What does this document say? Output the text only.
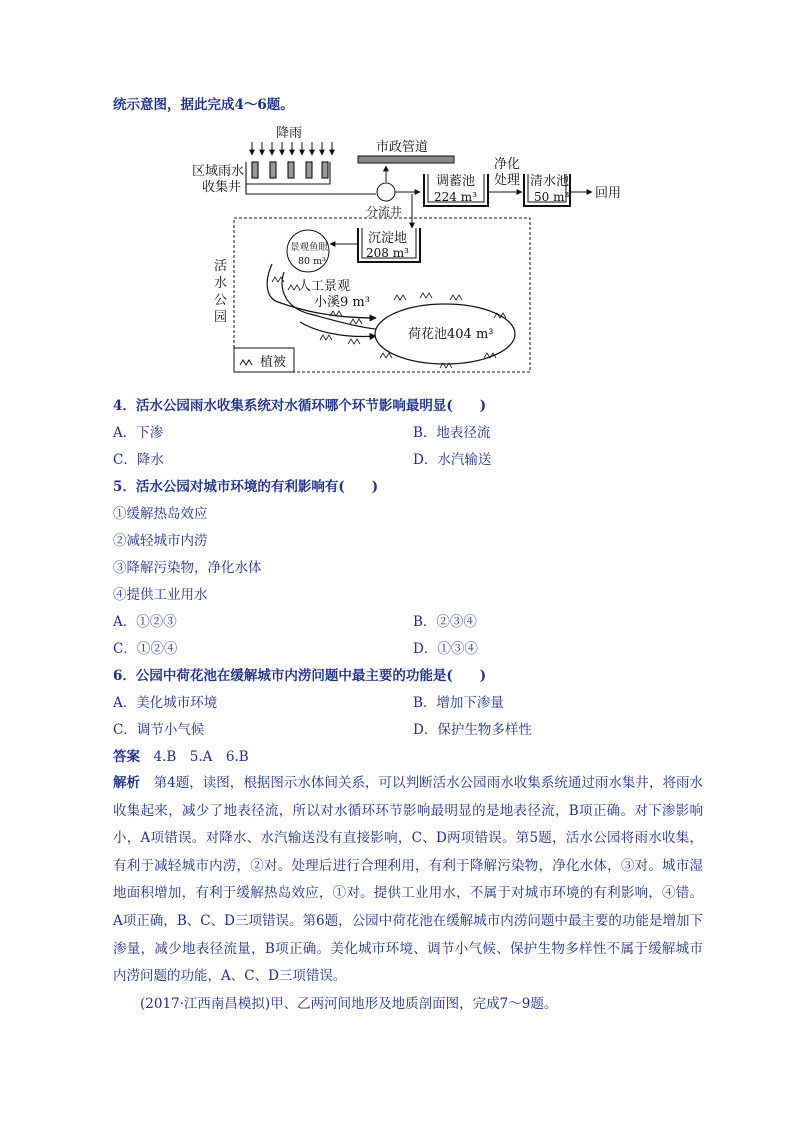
统示意图，据此完成4～6题。
降雨
区域雨水
收集井
市政管道
分流井
调蓄池
224 m³
净化
处理 清水池
50 m³ 回用
活水公园
沉淀地
208 m³
景观鱼眼
80 m³
人工景观
小溪9 m³
荷花池404 m³
植被
4．活水公园雨水收集系统对水循环哪个环节影响最明显(　　)
A．下渗	B．地表径流
C．降水	D．水汽输送
5．活水公园对城市环境的有利影响有(　　)
①缓解热岛效应
②减轻城市内涝
③降解污染物，净化水体
④提供工业用水
A．①②③	B．②③④
C．①②④	D．①③④
6．公园中荷花池在缓解城市内涝问题中最主要的功能是(　　)
A．美化城市环境	B．增加下渗量
C．调节小气候	D．保护生物多样性
答案　 4.B　5.A　6.B

解析　 第4题，读图，根据图示水体间关系，可以判断活水公园雨水收集系统通过雨水集井，将雨水收集起来，减少了地表径流，所以对水循环环节影响最明显的是地表径流，B项正确。对下渗影响小，A项错误。对降水、水汽输送没有直接影响，C、D两项错误。第5题，活水公园将雨水收集，有利于减轻城市内涝，②对。处理后进行合理利用，有利于降解污染物，净化水体，③对。城市湿地面积增加，有利于缓解热岛效应，①对。提供工业用水，不属于对城市环境的有利影响，④错。A项正确，B、C、D三项错误。第6题，公园中荷花池在缓解城市内涝问题中最主要的功能是增加下渗量，减少地表径流量，B项正确。美化城市环境、调节小气候、保护生物多样性不属于缓解城市内涝问题的功能，A、C、D三项错误。

(2017·江西南昌模拟)甲、乙两河间地形及地质剖面图，完成7～9题。
